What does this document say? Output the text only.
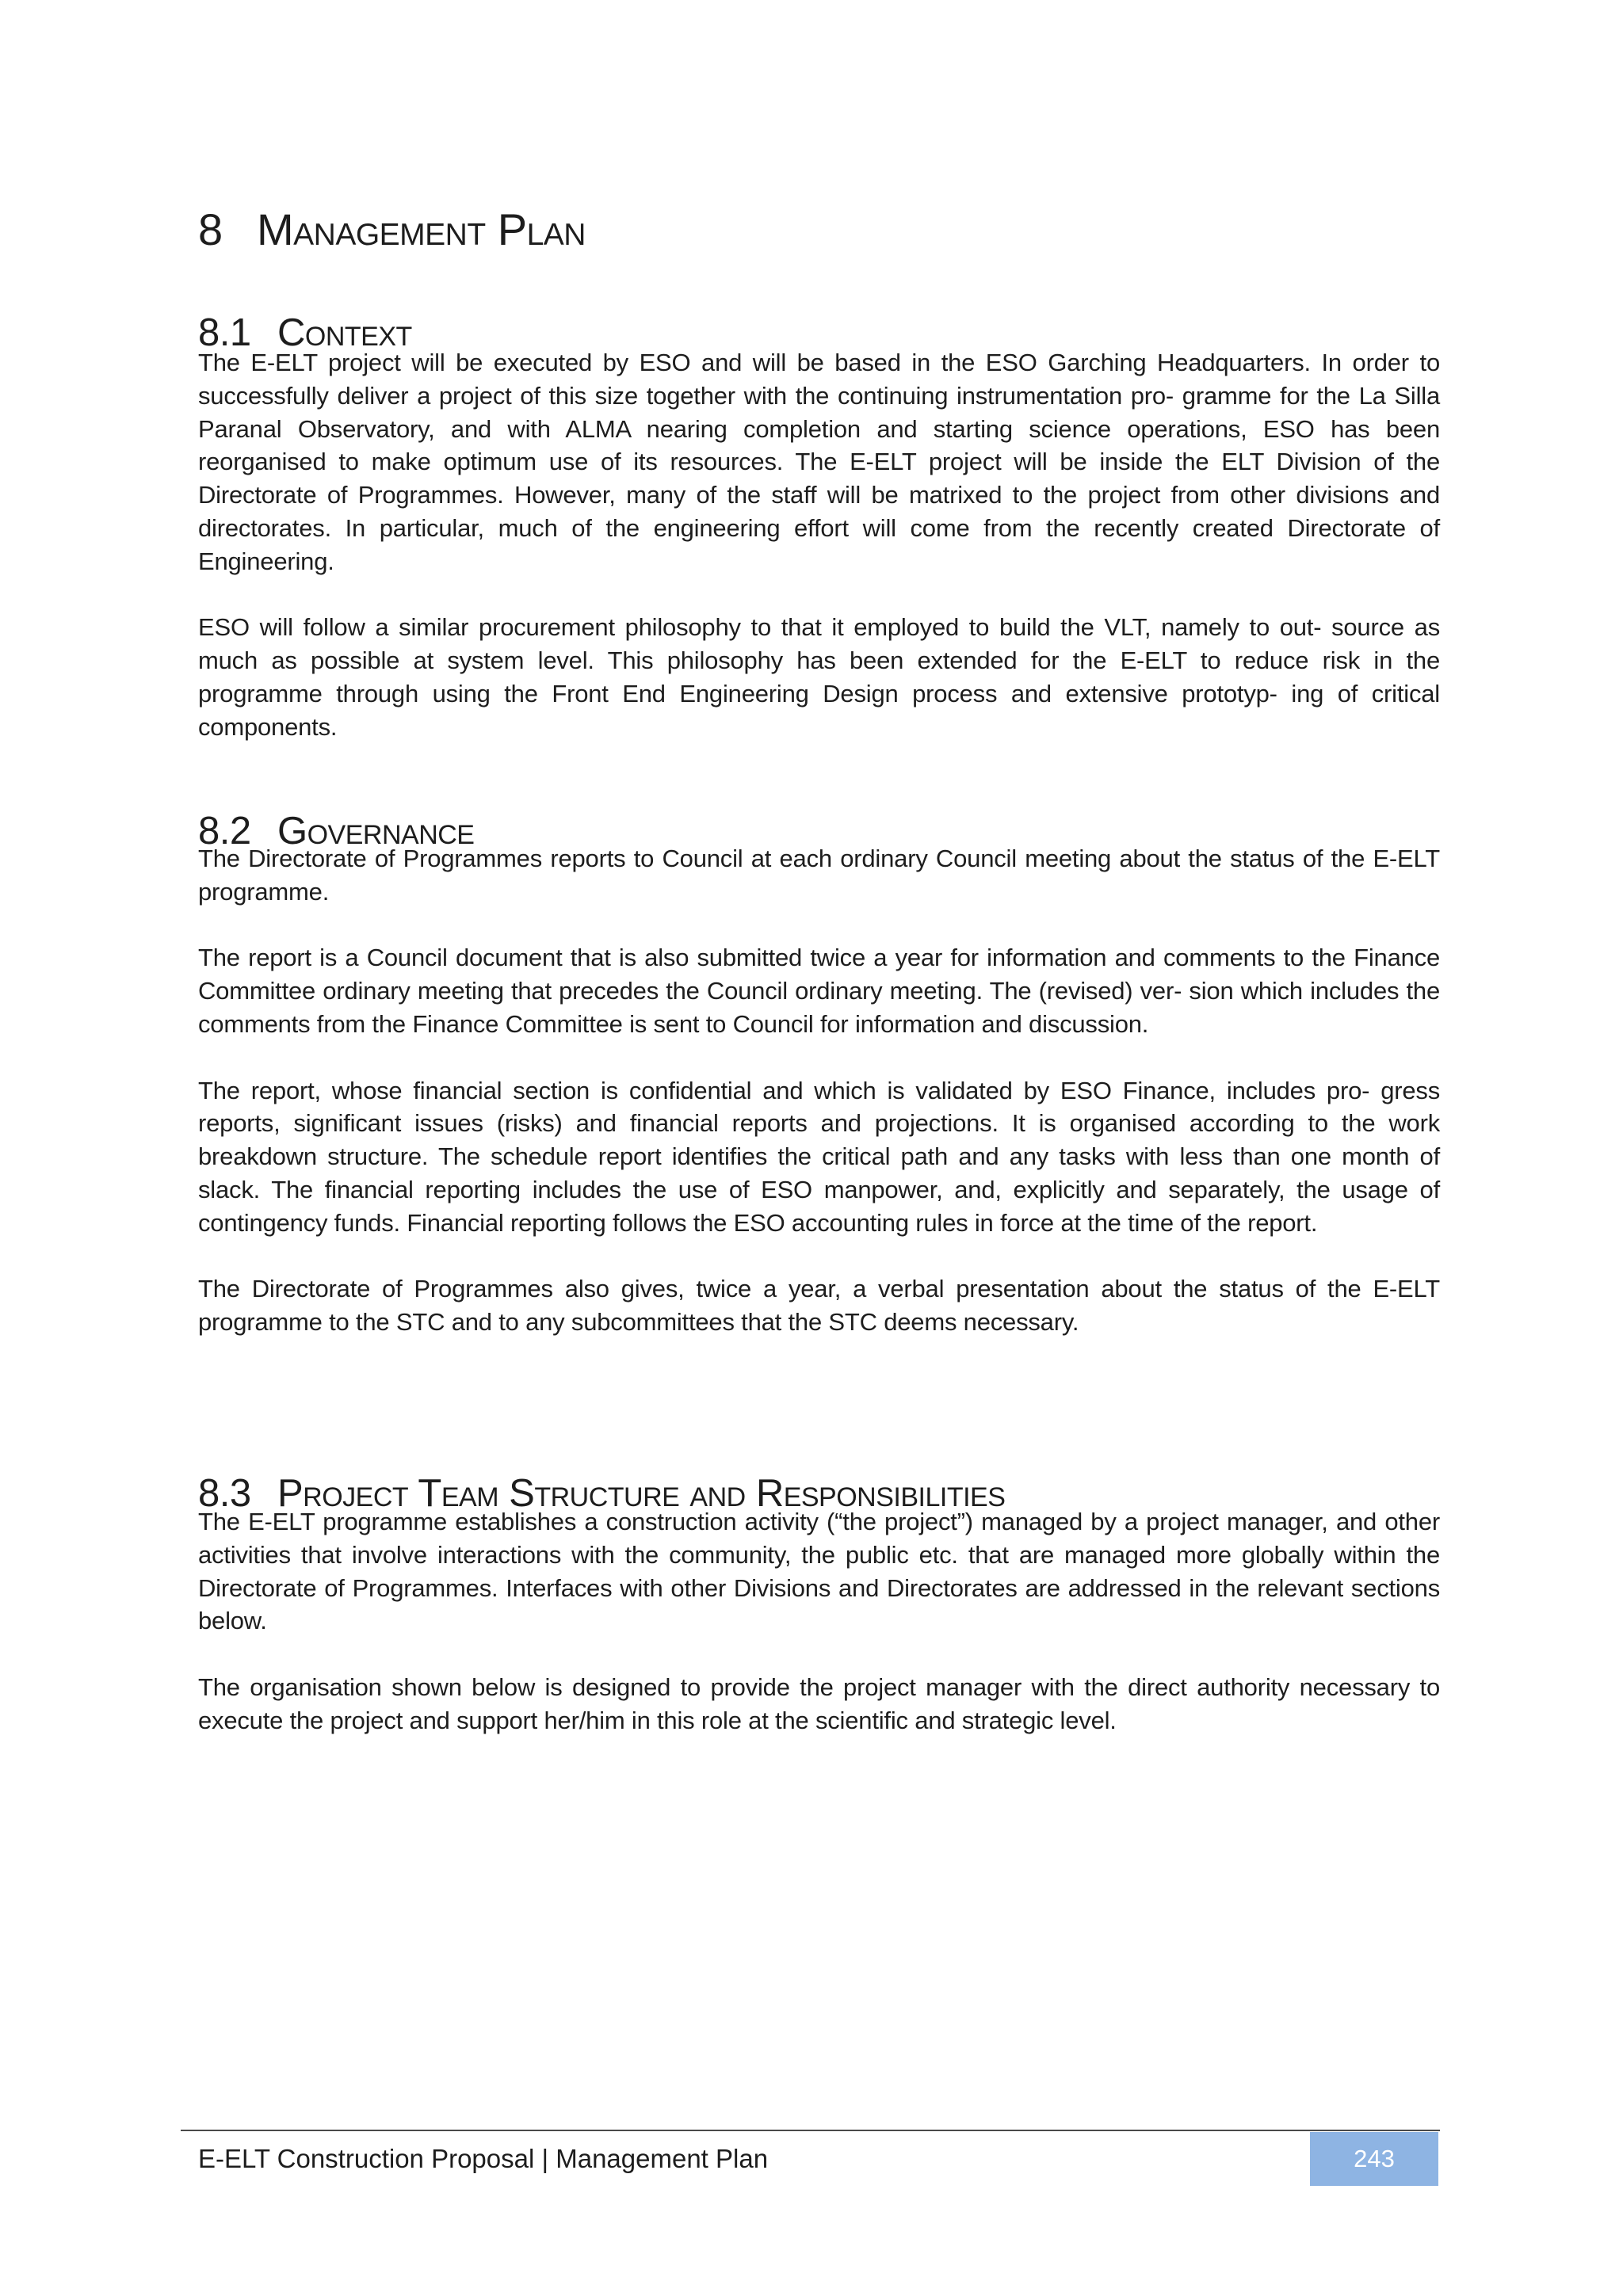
8 Management Plan
8.1 Context

The E-ELT project will be executed by ESO and will be based in the ESO Garching Headquarters. In order to successfully deliver a project of this size together with the continuing instrumentation pro- gramme for the La Silla Paranal Observatory, and with ALMA nearing completion and starting science operations, ESO has been reorganised to make optimum use of its resources. The E-ELT project will be inside the ELT Division of the Directorate of Programmes. However, many of the staff will be matrixed to the project from other divisions and directorates. In particular, much of the engineering effort will come from the recently created Directorate of Engineering.

ESO will follow a similar procurement philosophy to that it employed to build the VLT, namely to out- source as much as possible at system level. This philosophy has been extended for the E-ELT to reduce risk in the programme through using the Front End Engineering Design process and extensive prototyp- ing of critical components.

8.2 Governance

The Directorate of Programmes reports to Council at each ordinary Council meeting about the status of the E-ELT programme.

The report is a Council document that is also submitted twice a year for information and comments to the Finance Committee ordinary meeting that precedes the Council ordinary meeting. The (revised) ver- sion which includes the comments from the Finance Committee is sent to Council for information and discussion.

The report, whose financial section is confidential and which is validated by ESO Finance, includes pro- gress reports, significant issues (risks) and financial reports and projections. It is organised according to the work breakdown structure. The schedule report identifies the critical path and any tasks with less than one month of slack. The financial reporting includes the use of ESO manpower, and, explicitly and separately, the usage of contingency funds. Financial reporting follows the ESO accounting rules in force at the time of the report.

The Directorate of Programmes also gives, twice a year, a verbal presentation about the status of the E-ELT programme to the STC and to any subcommittees that the STC deems necessary.

8.3 Project Team Structure and Responsibilities

The E-ELT programme establishes a construction activity (“the project”) managed by a project manager, and other activities that involve interactions with the community, the public etc. that are managed more globally within the Directorate of Programmes. Interfaces with other Divisions and Directorates are addressed in the relevant sections below.

The organisation shown below is designed to provide the project manager with the direct authority necessary to execute the project and support her/him in this role at the scientific and strategic level.

E-ELT Construction Proposal | Management Plan	243
